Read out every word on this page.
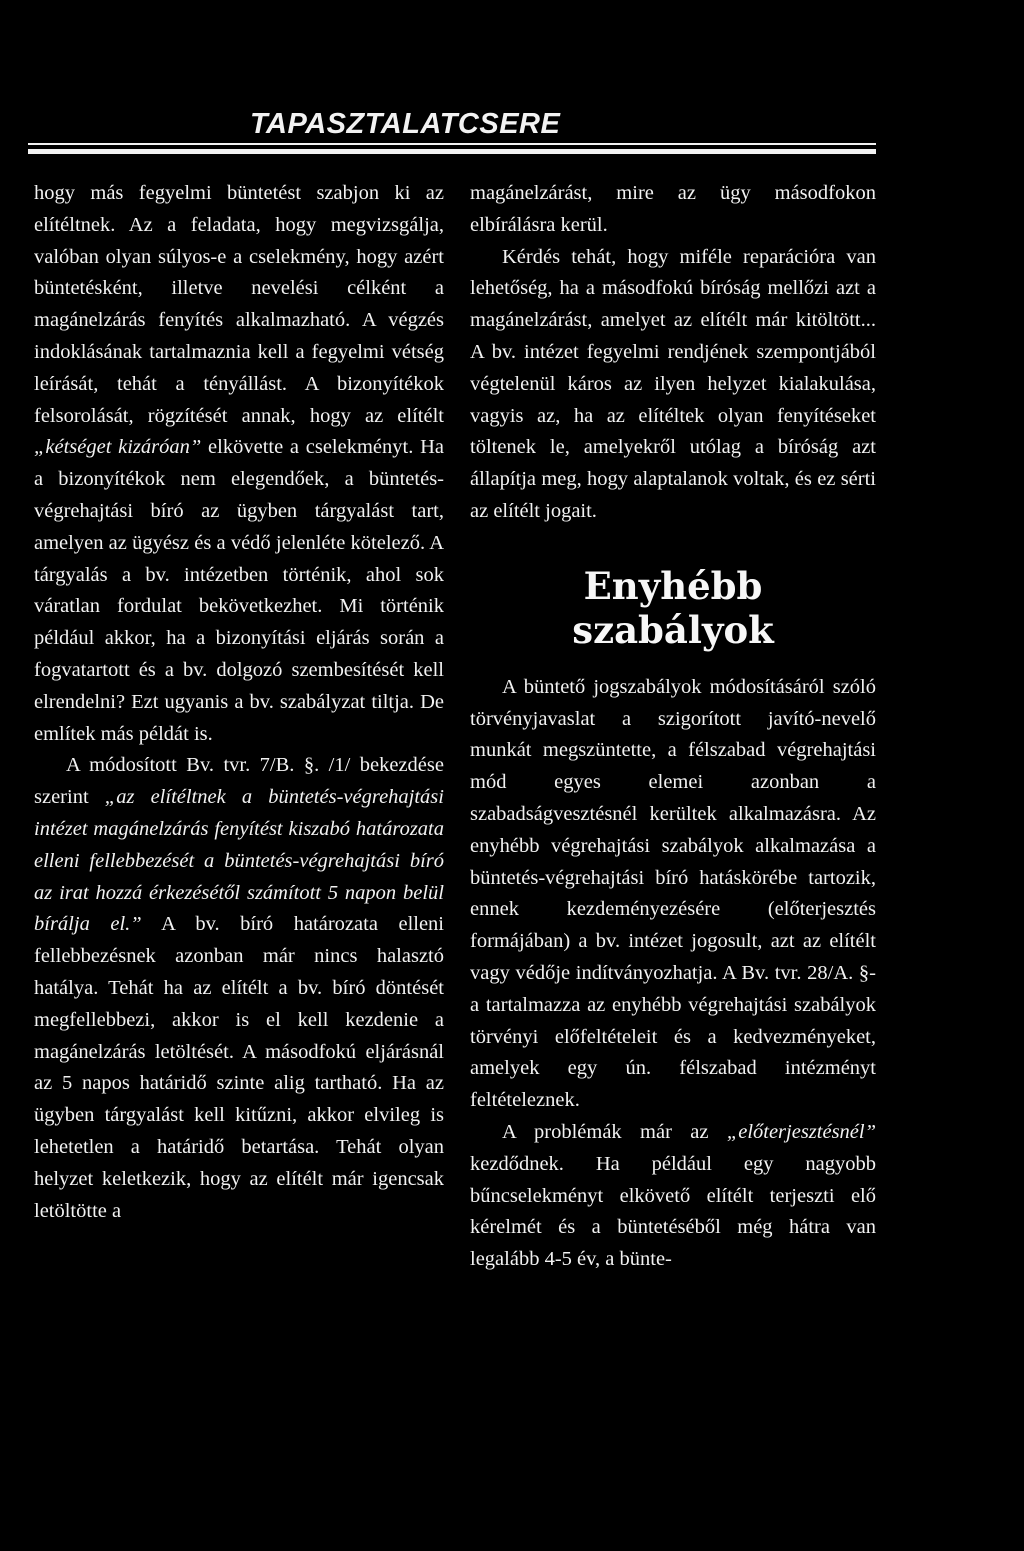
TAPASZTALATCSERE

hogy más fegyelmi büntetést szabjon ki az elítéltnek. Az a feladata, hogy megvizsgálja, valóban olyan súlyos-e a cselekmény, hogy azért büntetésként, illetve nevelési célként a magánelzárás fenyítés alkalmazható. A végzés indoklásának tartalmaznia kell a fegyelmi vétség leírását, tehát a tényállást. A bizonyítékok felsorolását, rögzítését annak, hogy az elítélt „kétséget kizáróan” elkövette a cselekményt. Ha a bizonyítékok nem elegendőek, a büntetés-végrehajtási bíró az ügyben tárgyalást tart, amelyen az ügyész és a védő jelenléte kötelező. A tárgyalás a bv. intézetben történik, ahol sok váratlan fordulat bekövetkezhet. Mi történik például akkor, ha a bizonyítási eljárás során a fogvatartott és a bv. dolgozó szembesítését kell elrendelni? Ezt ugyanis a bv. szabályzat tiltja. De említek más példát is.

A módosított Bv. tvr. 7/B. §. /1/ bekezdése szerint „az elítéltnek a büntetés-végrehajtási intézet magánelzárás fenyítést kiszabó határozata elleni fellebbezését a büntetés-végrehajtási bíró az irat hozzá érkezésétől számított 5 napon belül bírálja el.” A bv. bíró határozata elleni fellebbezésnek azonban már nincs halasztó hatálya. Tehát ha az elítélt a bv. bíró döntését megfellebbezi, akkor is el kell kezdenie a magánelzárás letöltését. A másodfokú eljárásnál az 5 napos határidő szinte alig tartható. Ha az ügyben tárgyalást kell kitűzni, akkor elvileg is lehetetlen a határidő betartása. Tehát olyan helyzet keletkezik, hogy az elítélt már igencsak letöltötte a

magánelzárást, mire az ügy másodfokon elbírálásra kerül.

Kérdés tehát, hogy miféle reparációra van lehetőség, ha a másodfokú bíróság mellőzi azt a magánelzárást, amelyet az elítélt már kitöltött... A bv. intézet fegyelmi rendjének szempontjából végtelenül káros az ilyen helyzet kialakulása, vagyis az, ha az elítéltek olyan fenyítéseket töltenek le, amelyekről utólag a bíróság azt állapítja meg, hogy alaptalanok voltak, és ez sérti az elítélt jogait.

Enyhébb
szabályok

A büntető jogszabályok módosításáról szóló törvényjavaslat a szigorított javító-nevelő munkát megszüntette, a félszabad végrehajtási mód egyes elemei azonban a szabadságvesztésnél kerültek alkalmazásra. Az enyhébb végrehajtási szabályok alkalmazása a büntetés-végrehajtási bíró hatáskörébe tartozik, ennek kezdeményezésére (előterjesztés formájában) a bv. intézet jogosult, azt az elítélt vagy védője indítványozhatja. A Bv. tvr. 28/A. §-a tartalmazza az enyhébb végrehajtási szabályok törvényi előfeltételeit és a kedvezményeket, amelyek egy ún. félszabad intézményt feltételeznek.

A problémák már az „előterjesztésnél” kezdődnek. Ha például egy nagyobb bűncselekményt elkövető elítélt terjeszti elő kérelmét és a büntetéséből még hátra van legalább 4-5 év, a bünte-
